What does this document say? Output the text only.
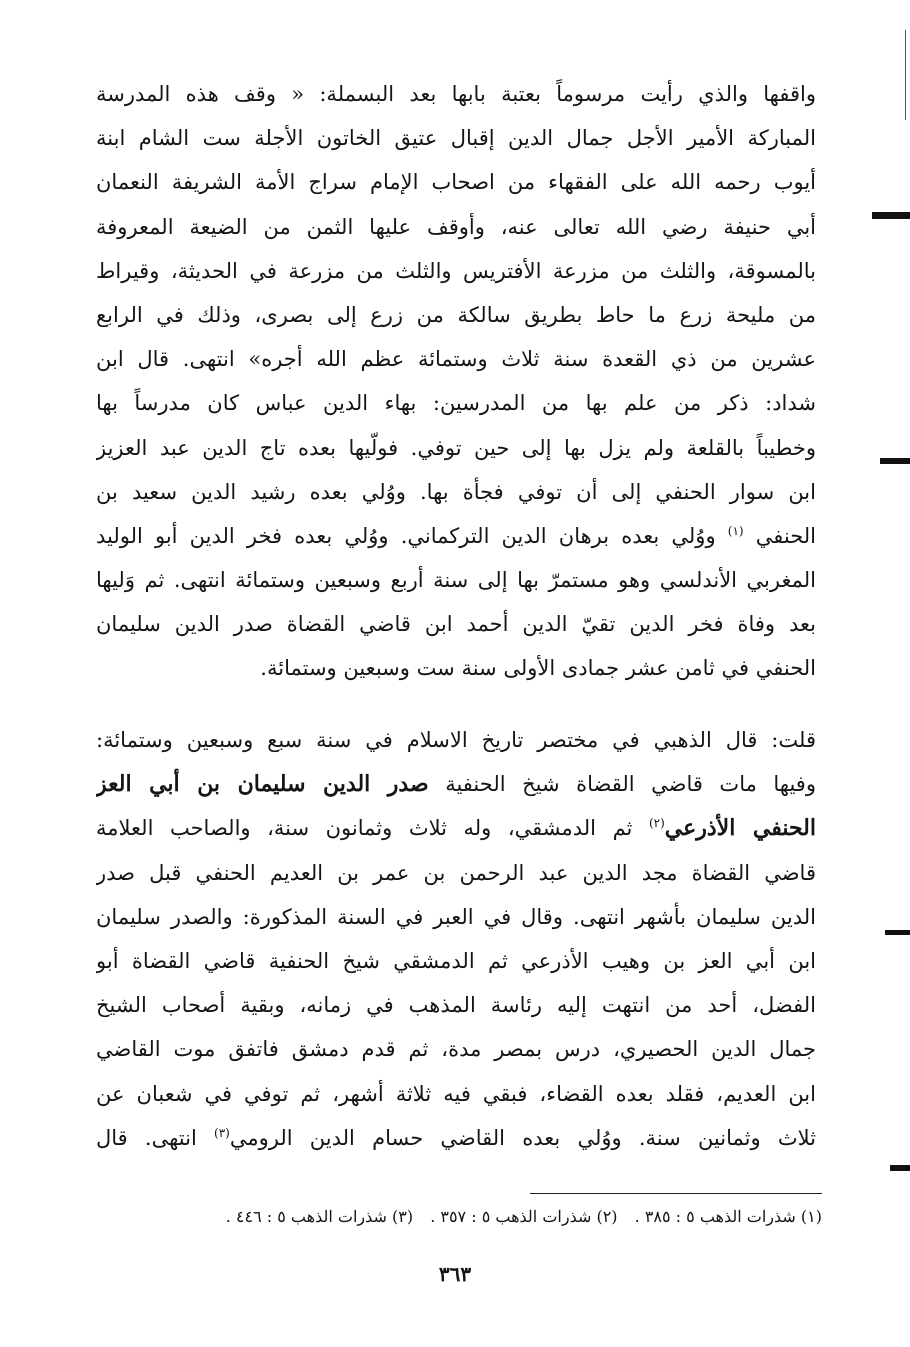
واقفها والذي رأيت مرسوماً بعتبة بابها بعد البسملة: « وقف هذه المدرسة
المباركة الأمير الأجل جمال الدين إقبال عتيق الخاتون الأجلة ست الشام ابنة
أيوب رحمه الله على الفقهاء من اصحاب الإمام سراج الأمة الشريفة النعمان
أبي حنيفة رضي الله تعالى عنه، وأوقف عليها الثمن من الضيعة المعروفة
بالمسوقة، والثلث من مزرعة الأفتريس والثلث من مزرعة في الحديثة، وقيراط
من مليحة زرع ما حاط بطريق سالكة من زرع إلى بصرى، وذلك في الرابع
عشرين من ذي القعدة سنة ثلاث وستمائة عظم الله أجره» انتهى. قال ابن
شداد: ذكر من علم بها من المدرسين: بهاء الدين عباس كان مدرساً بها
وخطيباً بالقلعة ولم يزل بها إلى حين توفي. فولّيها بعده تاج الدين عبد العزيز
ابن سوار الحنفي إلى أن توفي فجأة بها. ووُلي بعده رشيد الدين سعيد بن
الحنفي $^{(١)}$ ووُلي بعده برهان الدين التركماني. ووُلي بعده فخر الدين أبو الوليد
المغربي الأندلسي وهو مستمرّ بها إلى سنة أربع وسبعين وستمائة انتهى. ثم وَليها
بعد وفاة فخر الدين تقيّ الدين أحمد ابن قاضي القضاة صدر الدين سليمان
الحنفي في ثامن عشر جمادى الأولى سنة ست وسبعين وستمائة.
قلت: قال الذهبي في مختصر تاريخ الاسلام في سنة سبع وسبعين وستمائة:
وفيها مات قاضي القضاة شيخ الحنفية صدر الدين سليمان بن أبي العز
الحنفي الأذرعي$^{(٢)}$ ثم الدمشقي، وله ثلاث وثمانون سنة، والصاحب العلامة
قاضي القضاة مجد الدين عبد الرحمن بن عمر بن العديم الحنفي قبل صدر
الدين سليمان بأشهر انتهى. وقال في العبر في السنة المذكورة: والصدر سليمان
ابن أبي العز بن وهيب الأذرعي ثم الدمشقي شيخ الحنفية قاضي القضاة أبو
الفضل، أحد من انتهت إليه رئاسة المذهب في زمانه، وبقية أصحاب الشيخ
جمال الدين الحصيري، درس بمصر مدة، ثم قدم دمشق فاتفق موت القاضي
ابن العديم، فقلد بعده القضاء، فبقي فيه ثلاثة أشهر، ثم توفي في شعبان عن
ثلاث وثمانين سنة. ووُلي بعده القاضي حسام الدين الرومي$^{(٣)}$ انتهى. قال
(١) شذرات الذهب ٥ : ٣٨٥ . (٢) شذرات الذهب ٥ : ٣٥٧ . (٣) شذرات الذهب ٥ : ٤٤٦ .
٣٦٣
